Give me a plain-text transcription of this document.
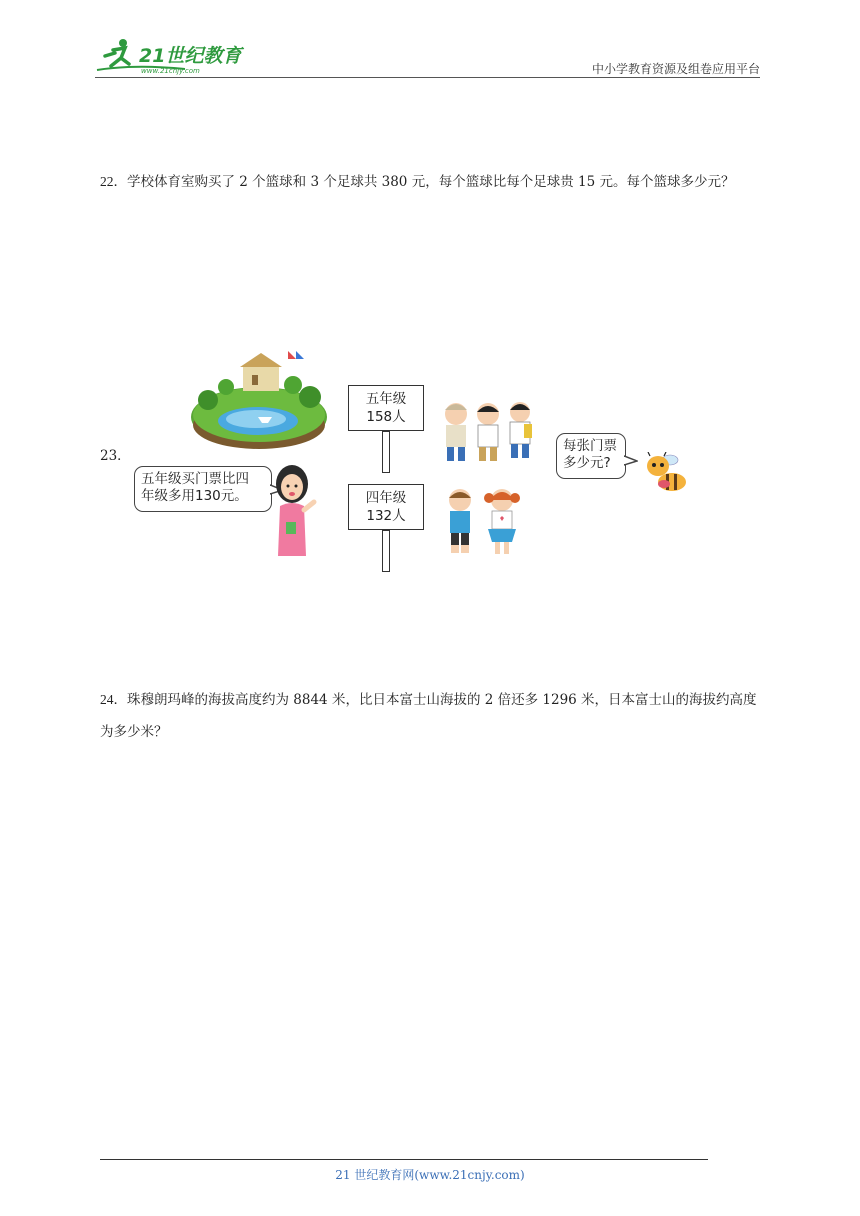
21世纪教育
www.21cnjy.com	中小学教育资源及组卷应用平台
22．学校体育室购买了 2 个篮球和 3 个足球共 380 元，每个篮球比每个足球贵 15 元。每个篮球多少元？
23．
五年级买门票比四
年级多用130元。
五年级
158人
四年级
132人
每张门票
多少元?
24．珠穆朗玛峰的海拔高度约为 8844 米，比日本富士山海拔的 2 倍还多 1296 米，日本富士山的海拔约高度为多少米？
21 世纪教育网(www.21cnjy.com)
